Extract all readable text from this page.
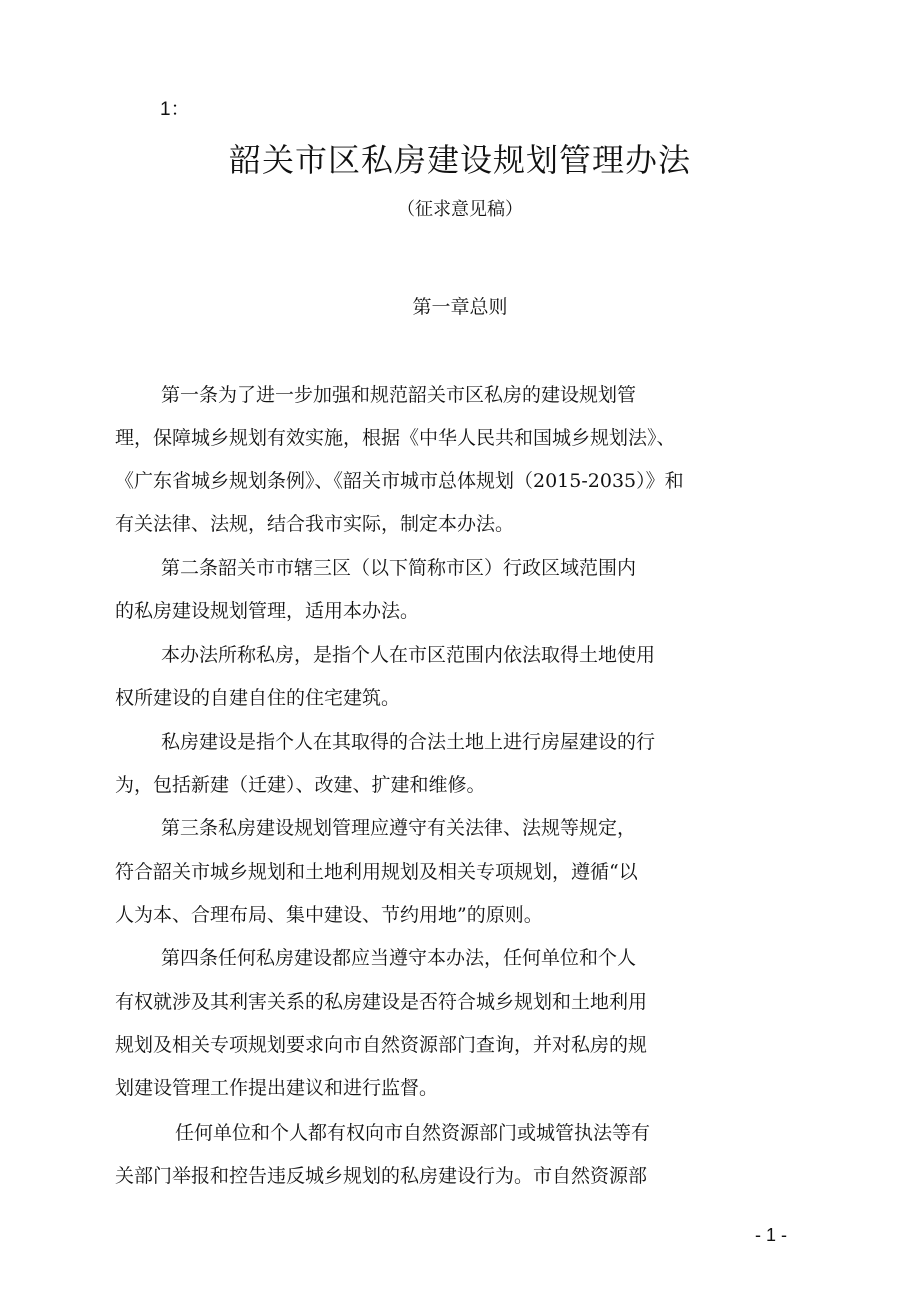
1：
韶关市区私房建设规划管理办法
（征求意见稿）
第一章总则
第一条为了进一步加强和规范韶关市区私房的建设规划管
理，保障城乡规划有效实施，根据《中华人民共和国城乡规划法》、
《广东省城乡规划条例》、《韶关市城市总体规划（2015-2035）》和
有关法律、法规，结合我市实际，制定本办法。
第二条韶关市市辖三区（以下简称市区）行政区域范围内
的私房建设规划管理，适用本办法。
本办法所称私房，是指个人在市区范围内依法取得土地使用
权所建设的自建自住的住宅建筑。
私房建设是指个人在其取得的合法土地上进行房屋建设的行
为，包括新建（迁建）、改建、扩建和维修。
第三条私房建设规划管理应遵守有关法律、法规等规定，
符合韶关市城乡规划和土地利用规划及相关专项规划，遵循“以
人为本、合理布局、集中建设、节约用地”的原则。
第四条任何私房建设都应当遵守本办法，任何单位和个人
有权就涉及其利害关系的私房建设是否符合城乡规划和土地利用
规划及相关专项规划要求向市自然资源部门查询，并对私房的规
划建设管理工作提出建议和进行监督。
任何单位和个人都有权向市自然资源部门或城管执法等有
关部门举报和控告违反城乡规划的私房建设行为。市自然资源部
- 1 -
